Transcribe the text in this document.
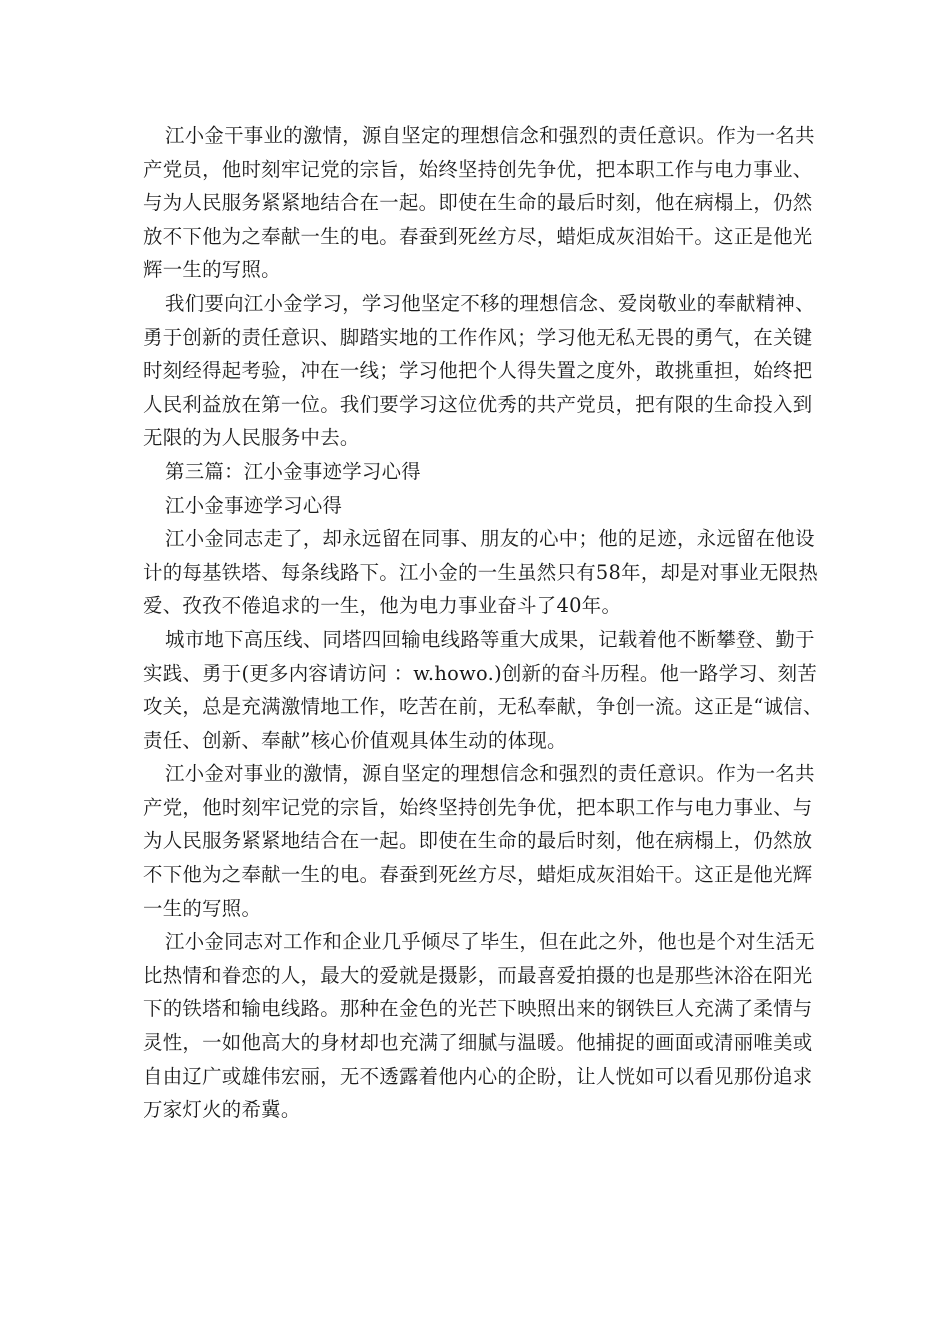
江小金干事业的激情，源自坚定的理想信念和强烈的责任意识。作为一名共
产党员，他时刻牢记党的宗旨，始终坚持创先争优，把本职工作与电力事业、
与为人民服务紧紧地结合在一起。即使在生命的最后时刻，他在病榻上，仍然
放不下他为之奉献一生的电。春蚕到死丝方尽，蜡炬成灰泪始干。这正是他光
辉一生的写照。
我们要向江小金学习，学习他坚定不移的理想信念、爱岗敬业的奉献精神、
勇于创新的责任意识、脚踏实地的工作作风；学习他无私无畏的勇气，在关键
时刻经得起考验，冲在一线；学习他把个人得失置之度外，敢挑重担，始终把
人民利益放在第一位。我们要学习这位优秀的共产党员，把有限的生命投入到
无限的为人民服务中去。
第三篇：江小金事迹学习心得
江小金事迹学习心得
江小金同志走了，却永远留在同事、朋友的心中；他的足迹，永远留在他设
计的每基铁塔、每条线路下。江小金的一生虽然只有58年，却是对事业无限热
爱、孜孜不倦追求的一生，他为电力事业奋斗了40年。
城市地下高压线、同塔四回输电线路等重大成果，记载着他不断攀登、勤于
实践、勇于(更多内容请访问 ：w.howo.)创新的奋斗历程。他一路学习、刻苦
攻关，总是充满激情地工作，吃苦在前，无私奉献，争创一流。这正是“诚信、
责任、创新、奉献”核心价值观具体生动的体现。
江小金对事业的激情，源自坚定的理想信念和强烈的责任意识。作为一名共
产党，他时刻牢记党的宗旨，始终坚持创先争优，把本职工作与电力事业、与
为人民服务紧紧地结合在一起。即使在生命的最后时刻，他在病榻上，仍然放
不下他为之奉献一生的电。春蚕到死丝方尽，蜡炬成灰泪始干。这正是他光辉
一生的写照。
江小金同志对工作和企业几乎倾尽了毕生，但在此之外，他也是个对生活无
比热情和眷恋的人，最大的爱就是摄影，而最喜爱拍摄的也是那些沐浴在阳光
下的铁塔和输电线路。那种在金色的光芒下映照出来的钢铁巨人充满了柔情与
灵性，一如他高大的身材却也充满了细腻与温暖。他捕捉的画面或清丽唯美或
自由辽广或雄伟宏丽，无不透露着他内心的企盼，让人恍如可以看见那份追求
万家灯火的希冀。
